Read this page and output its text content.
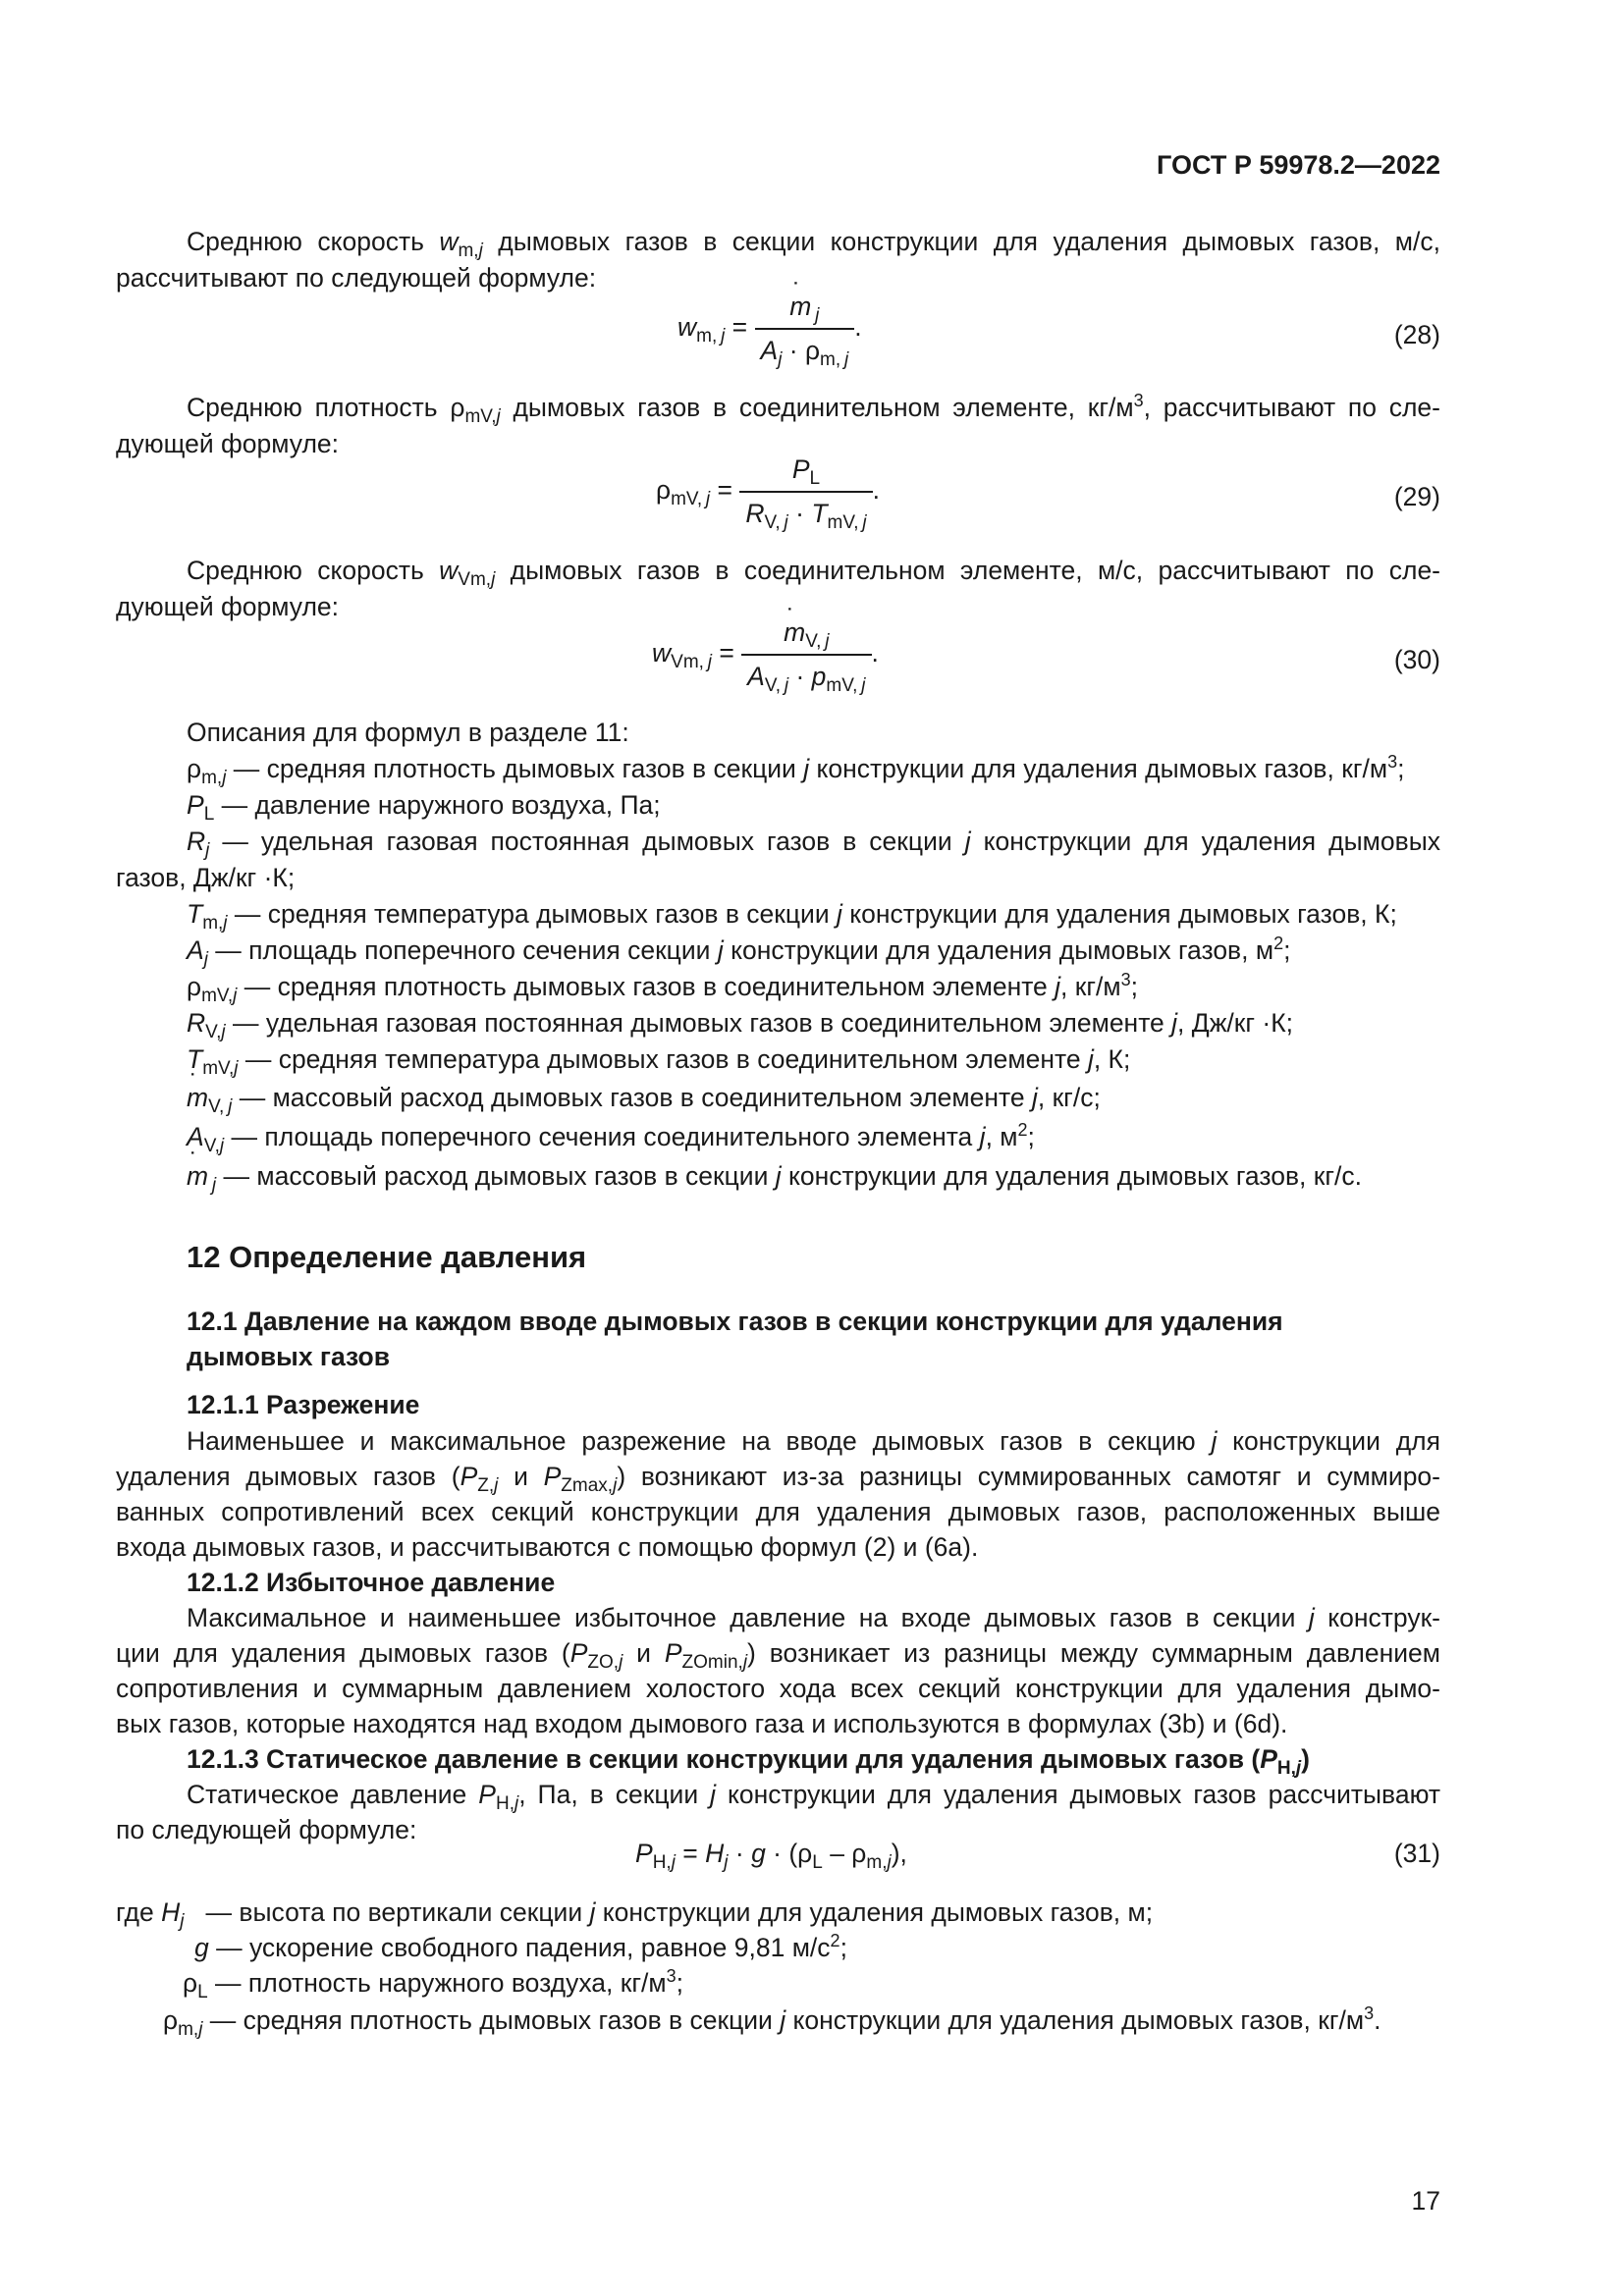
ГОСТ Р 59978.2—2022
Среднюю скорость $w_{m,j}$ дымовых газов в секции конструкции для удаления дымовых газов, м/с,
рассчитывают по следующей формуле:
$w_{m, j}$ = ˙ $\frac{m _j}{A_j \cdot \rho_{m, j}}$ .	(28)
Среднюю плотность $\rho_{mV,j}$ дымовых газов в соединительном элементе, $кг/м^3$, рассчитывают по сле-
дующей формуле:
$\rho_{mV, j} = \frac{P_L}{R_{V, j} \cdot T_{mV, j}}$ .	(29)
Среднюю скорость $w_{Vm,j}$ дымовых газов в соединительном элементе, м/с, рассчитывают по сле-
дующей формуле:
$w_{Vm, j}$ = ˙ $\frac{m_{V, j}}{A_{V, j} \cdot p_{mV, j}}$ .	(30)
Описания для формул в разделе 11:
$\rho_{m,j}$ — средняя плотность дымовых газов в секции j конструкции для удаления дымовых газов, $кг/м^3$;
$P_L$ — давление наружного воздуха, Па;
$R_j$ — удельная газовая постоянная дымовых газов в секции j конструкции для удаления дымовых
газов, Дж/кг ·К;
$T_{m,j}$ — средняя температура дымовых газов в секции j конструкции для удаления дымовых газов, К;
$A_j$ — площадь поперечного сечения секции j конструкции для удаления дымовых газов, $м^2$;
$\rho_{mV,j}$ — средняя плотность дымовых газов в соединительном элементе j, $кг/м^3$;
$R_{V,j}$ — удельная газовая постоянная дымовых газов в соединительном элементе j, Дж/кг ·К;
$T_{mV,j}$ — средняя температура дымовых газов в соединительном элементе j, К;
˙ $m_{V, j}$ — массовый расход дымовых газов в соединительном элементе j, кг/с;
$A_{V,j}$ — площадь поперечного сечения соединительного элемента j, $м^2$;
˙ m  $_j$ — массовый расход дымовых газов в секции j конструкции для удаления дымовых газов, кг/с.
12 Определение давления
12.1 Давление на каждом вводе дымовых газов в секции конструкции для удаления
дымовых газов
12.1.1 Разрежение
Наименьшее и максимальное разрежение на вводе дымовых газов в секцию j конструкции для
удаления дымовых газов ($P_{Z,j}$ и $P_{Zmax,j}$) возникают из-за разницы суммированных самотяг и суммиро-
ванных сопротивлений всех секций конструкции для удаления дымовых газов, расположенных выше
входа дымовых газов, и рассчитываются с помощью формул (2) и (6а).
12.1.2 Избыточное давление
Максимальное и наименьшее избыточное давление на входе дымовых газов в секции j конструк-
ции для удаления дымовых газов ($P_{ZO,j}$ и $P_{ZOmin,j}$) возникает из разницы между суммарным давлением
сопротивления и суммарным давлением холостого хода всех секций конструкции для удаления дымо-
вых газов, которые находятся над входом дымового газа и используются в формулах (3b) и (6d).
12.1.3 Статическое давление в секции конструкции для удаления дымовых газов $(P_{H,j})$
Статическое давление $P_{H,j}$, Па, в секции j конструкции для удаления дымовых газов рассчитывают
по следующей формуле:
$P_{H,j} = H_j \cdot g \cdot (\rho_L - \rho_{m,j})$,	(31)
где $H_j$   — высота по вертикали секции j конструкции для удаления дымовых газов, м;
g — ускорение свободного падения, равное 9,81 $м/с^2$;
$\rho_L$ — плотность наружного воздуха, $кг/м^3$;
$\rho_{m,j}$ — средняя плотность дымовых газов в секции j конструкции для удаления дымовых газов, $кг/м^3$.
17
